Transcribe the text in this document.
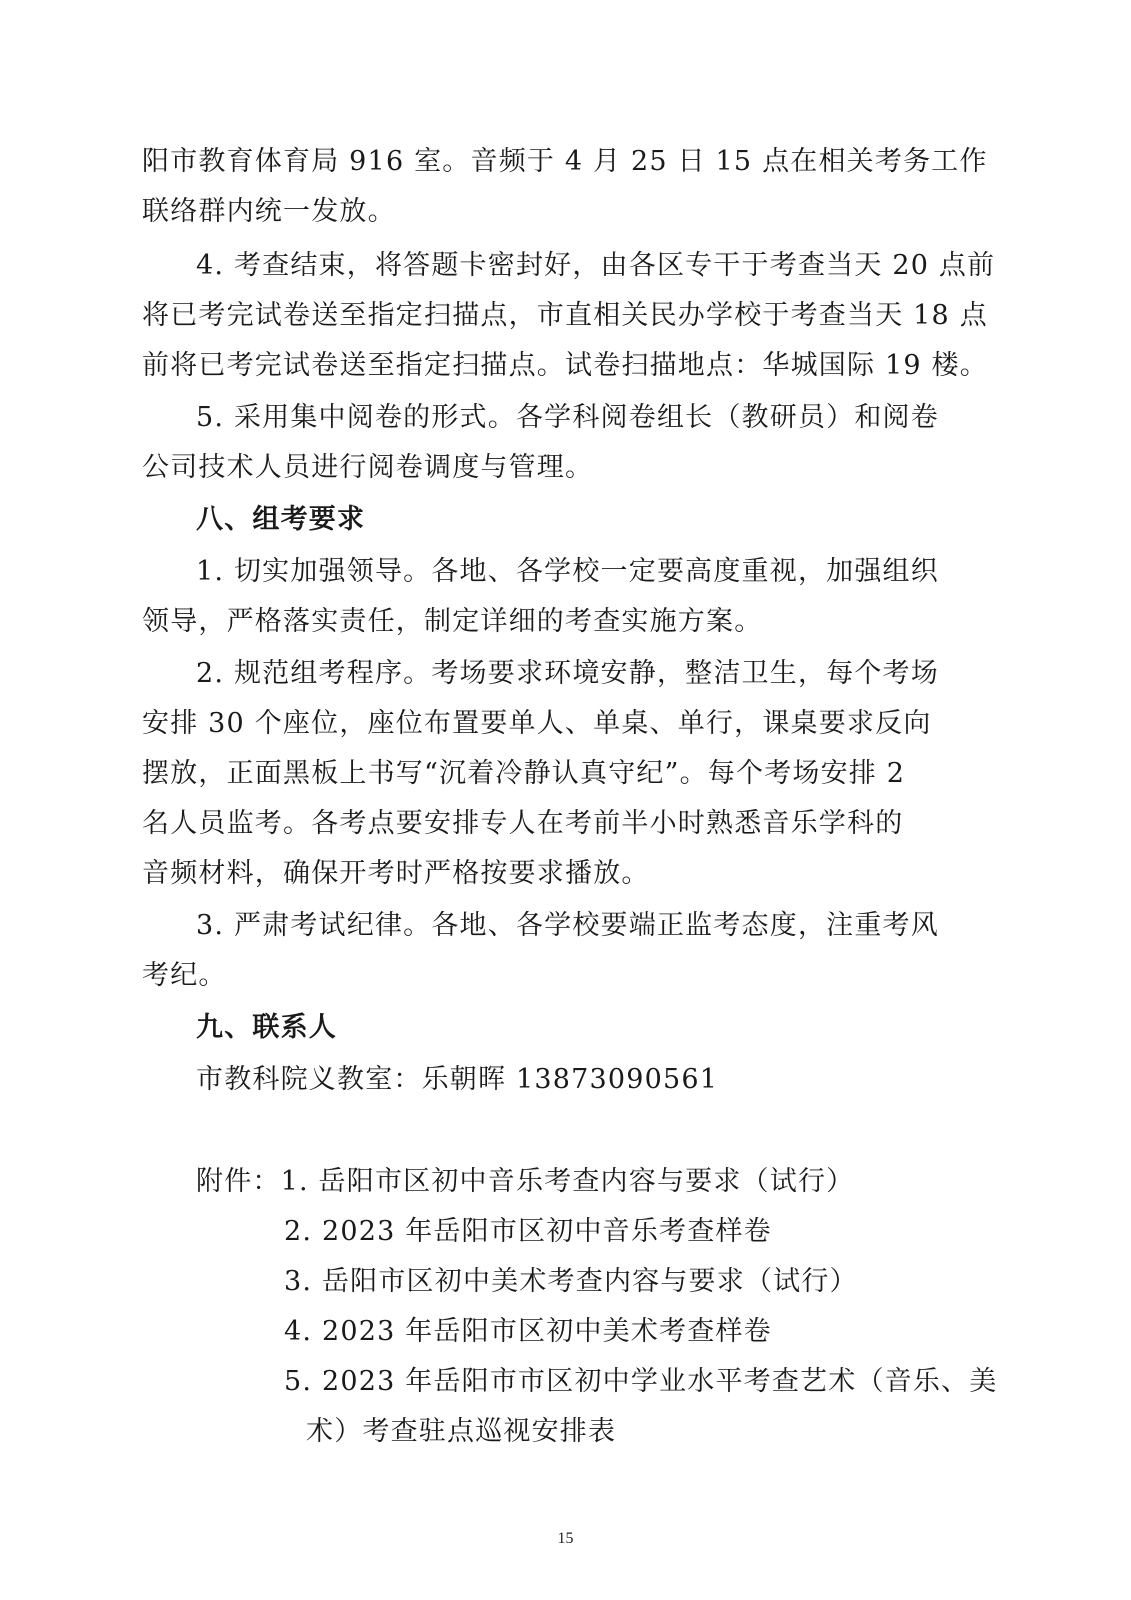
阳市教育体育局 916 室。音频于 4 月 25 日 15 点在相关考务工作

联络群内统一发放。

4. 考查结束，将答题卡密封好，由各区专干于考查当天 20 点前

将已考完试卷送至指定扫描点，市直相关民办学校于考查当天 18 点

前将已考完试卷送至指定扫描点。试卷扫描地点：华城国际 19 楼。

5. 采用集中阅卷的形式。各学科阅卷组长（教研员）和阅卷

公司技术人员进行阅卷调度与管理。

八、组考要求

1. 切实加强领导。各地、各学校一定要高度重视，加强组织

领导，严格落实责任，制定详细的考查实施方案。

2. 规范组考程序。考场要求环境安静，整洁卫生，每个考场

安排 30 个座位，座位布置要单人、单桌、单行，课桌要求反向

摆放，正面黑板上书写“沉着冷静认真守纪”。每个考场安排 2

名人员监考。各考点要安排专人在考前半小时熟悉音乐学科的

音频材料，确保开考时严格按要求播放。

3. 严肃考试纪律。各地、各学校要端正监考态度，注重考风

考纪。

九、联系人

市教科院义教室：乐朝晖 13873090561

附件：1. 岳阳市区初中音乐考查内容与要求（试行）

2. 2023 年岳阳市区初中音乐考查样卷

3. 岳阳市区初中美术考查内容与要求（试行）

4. 2023 年岳阳市区初中美术考查样卷

5. 2023 年岳阳市市区初中学业水平考查艺术（音乐、美

术）考查驻点巡视安排表

15
